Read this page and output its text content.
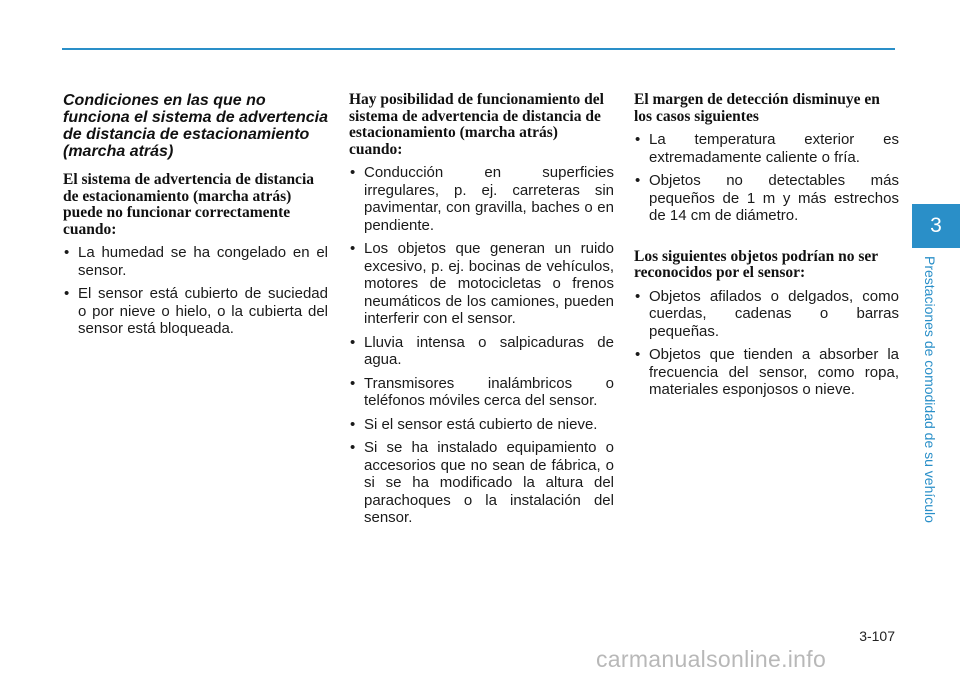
Condiciones en las que no funciona el sistema de advertencia de distancia de estacionamiento (marcha atrás)
El sistema de advertencia de distancia de estacionamiento (marcha atrás) puede no funcionar correctamente cuando:
• La humedad se ha congelado en el sensor.
• El sensor está cubierto de suciedad o por nieve o hielo, o la cubierta del sensor está bloqueada.
Hay posibilidad de funcionamiento del sistema de advertencia de distancia de estacionamiento (marcha atrás) cuando:
• Conducción en superficies irregulares, p. ej. carreteras sin pavimentar, con gravilla, baches o en pendiente.
• Los objetos que generan un ruido excesivo, p. ej. bocinas de vehículos, motores de motocicletas o frenos neumáticos de los camiones, pueden interferir con el sensor.
• Lluvia intensa o salpicaduras de agua.
• Transmisores inalámbricos o teléfonos móviles cerca del sensor.
• Si el sensor está cubierto de nieve.
• Si se ha instalado equipamiento o accesorios que no sean de fábrica, o si se ha modificado la altura del parachoques o la instalación del sensor.
El margen de detección disminuye en los casos siguientes
• La temperatura exterior es extremadamente caliente o fría.
• Objetos no detectables más pequeños de 1 m y más estrechos de 14 cm de diámetro.
Los siguientes objetos podrían no ser reconocidos por el sensor:
• Objetos afilados o delgados, como cuerdas, cadenas o barras pequeñas.
• Objetos que tienden a absorber la frecuencia del sensor, como ropa, materiales esponjosos o nieve.
3
Prestaciones de comodidad de su vehículo
3-107
carmanualsonline.info
